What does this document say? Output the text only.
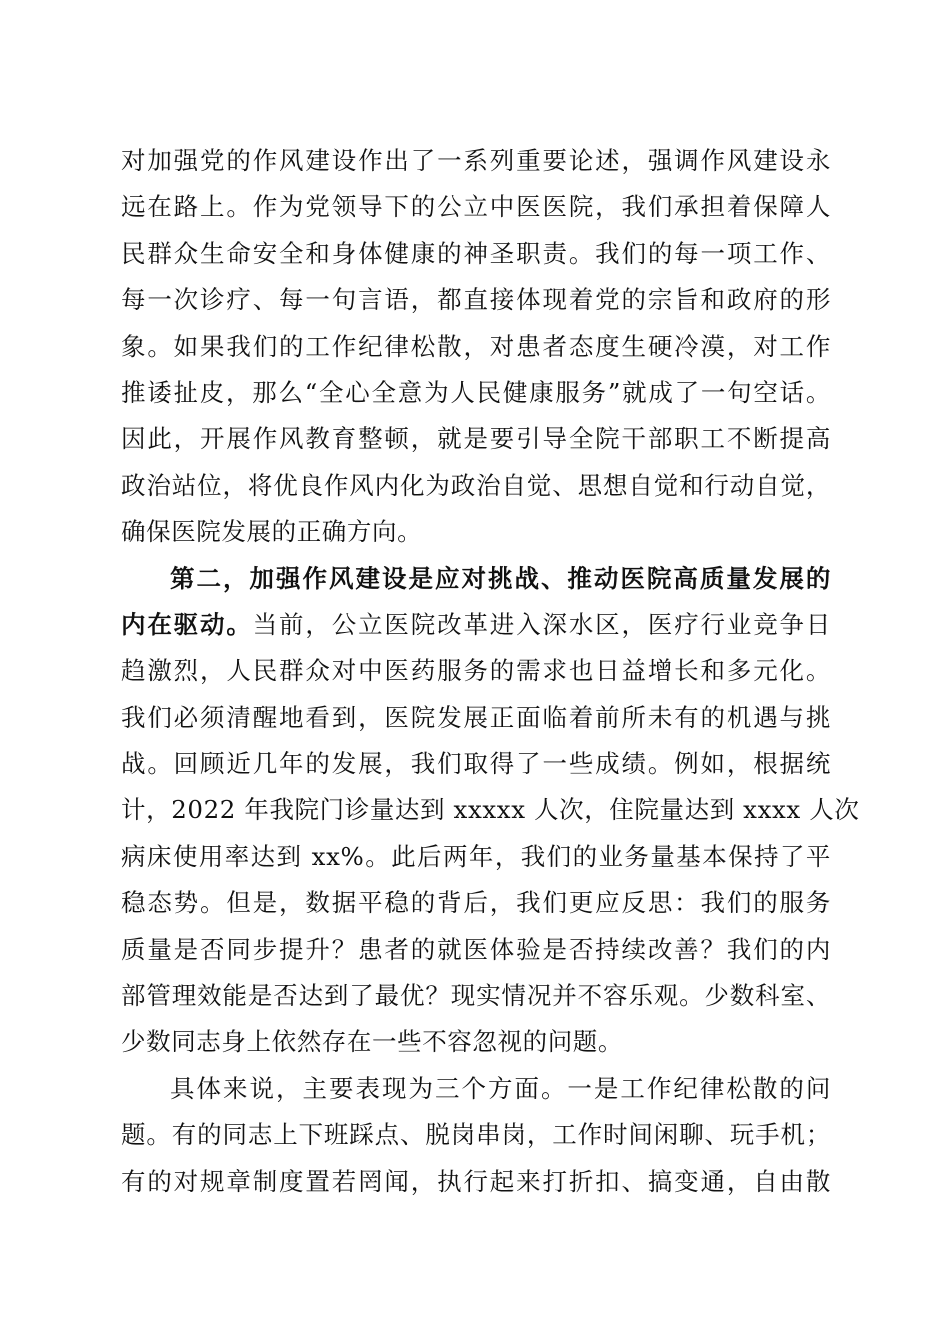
对加强党的作风建设作出了一系列重要论述，强调作风建设永
远在路上。作为党领导下的公立中医医院，我们承担着保障人
民群众生命安全和身体健康的神圣职责。我们的每一项工作、
每一次诊疗、每一句言语，都直接体现着党的宗旨和政府的形
象。如果我们的工作纪律松散，对患者态度生硬冷漠，对工作
推诿扯皮，那么“全心全意为人民健康服务”就成了一句空话。
因此，开展作风教育整顿，就是要引导全院干部职工不断提高
政治站位，将优良作风内化为政治自觉、思想自觉和行动自觉，
确保医院发展的正确方向。
第二，加强作风建设是应对挑战、推动医院高质量发展的
内在驱动。当前，公立医院改革进入深水区，医疗行业竞争日
趋激烈，人民群众对中医药服务的需求也日益增长和多元化。
我们必须清醒地看到，医院发展正面临着前所未有的机遇与挑
战。回顾近几年的发展，我们取得了一些成绩。例如，根据统
计，2022 年我院门诊量达到 xxxxx 人次，住院量达到 xxxx 人次
病床使用率达到 xx%。此后两年，我们的业务量基本保持了平
稳态势。但是，数据平稳的背后，我们更应反思：我们的服务
质量是否同步提升？患者的就医体验是否持续改善？我们的内
部管理效能是否达到了最优？现实情况并不容乐观。少数科室、
少数同志身上依然存在一些不容忽视的问题。
具体来说，主要表现为三个方面。一是工作纪律松散的问
题。有的同志上下班踩点、脱岗串岗，工作时间闲聊、玩手机；
有的对规章制度置若罔闻，执行起来打折扣、搞变通，自由散
